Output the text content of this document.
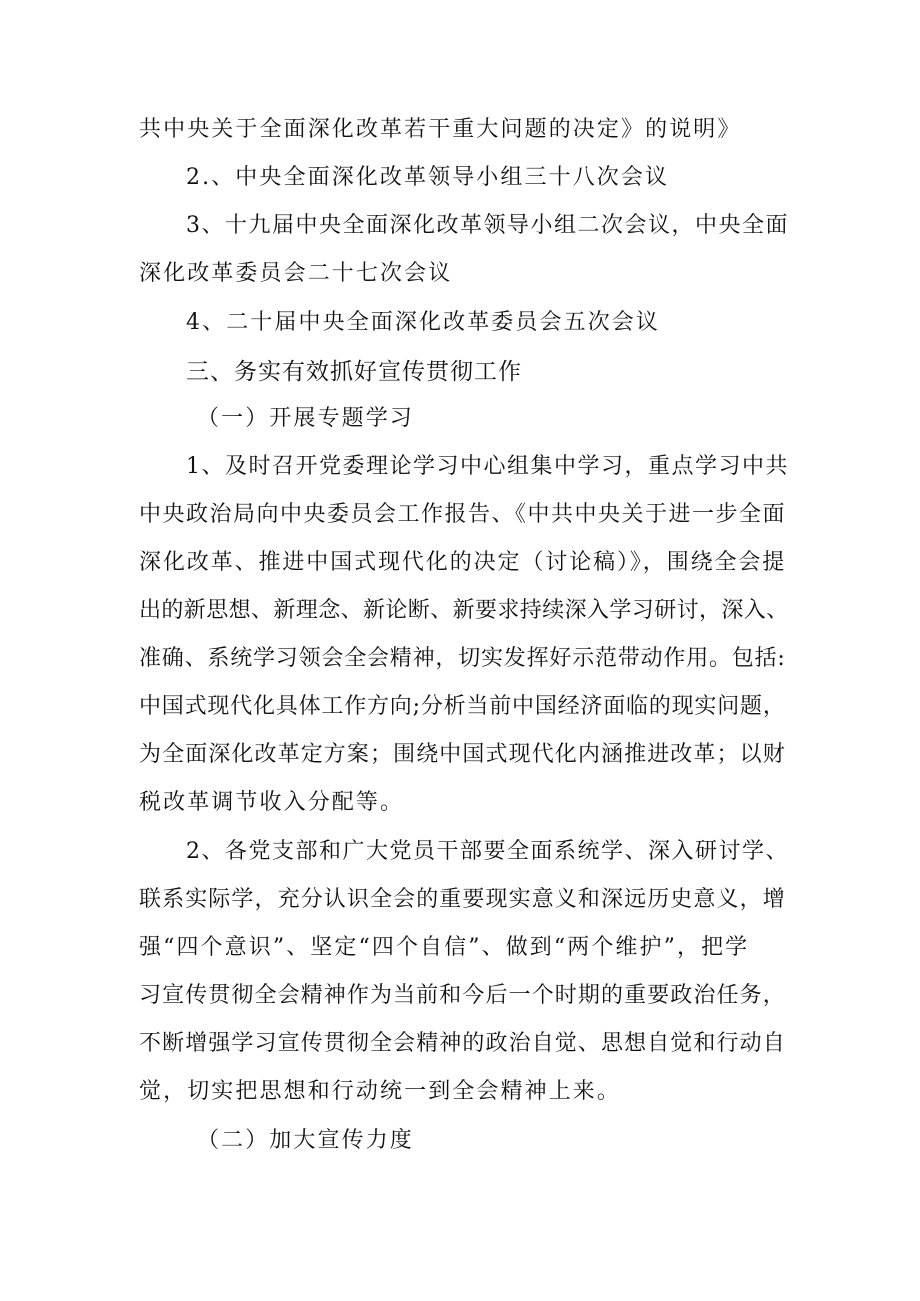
共中央关于全面深化改革若干重大问题的决定》的说明》
2.、中央全面深化改革领导小组三十八次会议
3、十九届中央全面深化改革领导小组二次会议，中央全面
深化改革委员会二十七次会议
4、二十届中央全面深化改革委员会五次会议
三、务实有效抓好宣传贯彻工作
（一）开展专题学习
1、及时召开党委理论学习中心组集中学习，重点学习中共
中央政治局向中央委员会工作报告、《中共中央关于进一步全面
深化改革、推进中国式现代化的决定（讨论稿）》，围绕全会提
出的新思想、新理念、新论断、新要求持续深入学习研讨，深入、
准确、系统学习领会全会精神，切实发挥好示范带动作用。包括:
中国式现代化具体工作方向;分析当前中国经济面临的现实问题，
为全面深化改革定方案；围绕中国式现代化内涵推进改革；以财
税改革调节收入分配等。
2、各党支部和广大党员干部要全面系统学、深入研讨学、
联系实际学，充分认识全会的重要现实意义和深远历史意义，增
强“四个意识”、坚定“四个自信”、做到“两个维护”，把学
习宣传贯彻全会精神作为当前和今后一个时期的重要政治任务，
不断增强学习宣传贯彻全会精神的政治自觉、思想自觉和行动自
觉，切实把思想和行动统一到全会精神上来。
（二）加大宣传力度
